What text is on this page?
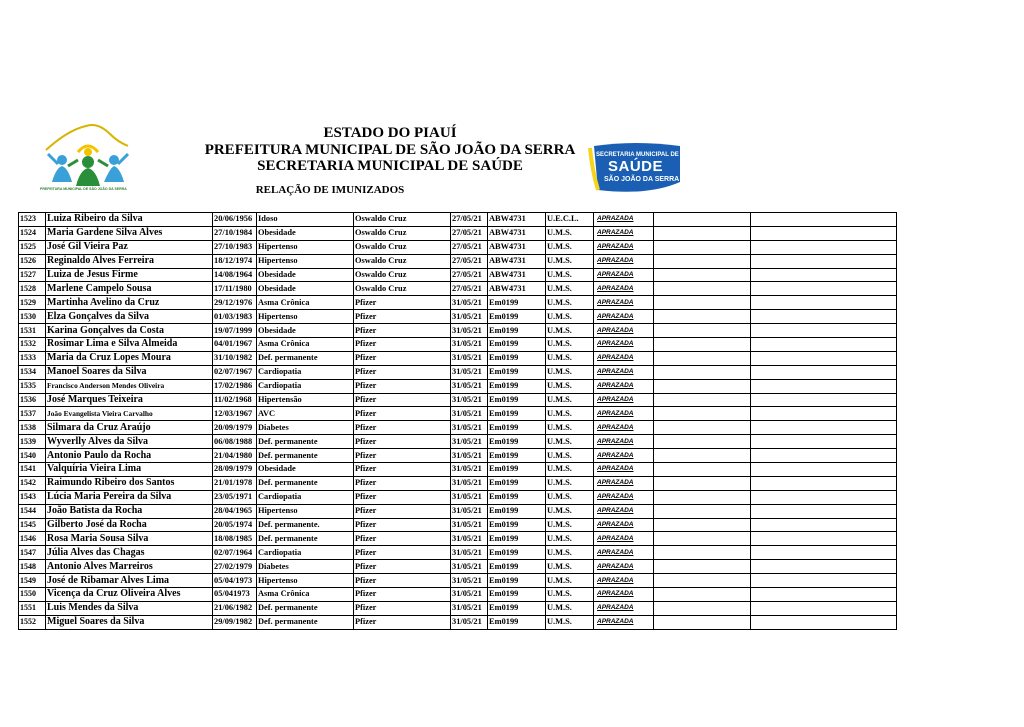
PREFEITURA MUNICIPAL DE SÃO JOÃO DA SERRA
ESTADO DO PIAUÍ
PREFEITURA MUNICIPAL DE SÃO JOÃO DA SERRA
SECRETARIA MUNICIPAL DE SAÚDE
RELAÇÃO DE IMUNIZADOS
SECRETARIA MUNICIPAL DE
SAÚDE
SÃO JOÃO DA SERRA
1523	Luiza Ribeiro da Silva	20/06/1956	Idoso	Oswaldo Cruz	27/05/21	ABW4731	U.E.C.L.	APRAZADA		
1524	Maria Gardene Silva Alves	27/10/1984	Obesidade	Oswaldo Cruz	27/05/21	ABW4731	U.M.S.	APRAZADA		
1525	José Gil Vieira Paz	27/10/1983	Hipertenso	Oswaldo Cruz	27/05/21	ABW4731	U.M.S.	APRAZADA		
1526	Reginaldo Alves Ferreira	18/12/1974	Hipertenso	Oswaldo Cruz	27/05/21	ABW4731	U.M.S.	APRAZADA		
1527	Luiza de Jesus Firme	14/08/1964	Obesidade	Oswaldo Cruz	27/05/21	ABW4731	U.M.S.	APRAZADA		
1528	Marlene Campelo Sousa	17/11/1980	Obesidade	Oswaldo Cruz	27/05/21	ABW4731	U.M.S.	APRAZADA		
1529	Martinha Avelino da Cruz	29/12/1976	Asma Crônica	Pfizer	31/05/21	Em0199	U.M.S.	APRAZADA		
1530	Elza Gonçalves da Silva	01/03/1983	Hipertenso	Pfizer	31/05/21	Em0199	U.M.S.	APRAZADA		
1531	Karina Gonçalves da Costa	19/07/1999	Obesidade	Pfizer	31/05/21	Em0199	U.M.S.	APRAZADA		
1532	Rosimar Lima e Silva Almeida	04/01/1967	Asma Crônica	Pfizer	31/05/21	Em0199	U.M.S.	APRAZADA		
1533	Maria da Cruz Lopes Moura	31/10/1982	Def. permanente	Pfizer	31/05/21	Em0199	U.M.S.	APRAZADA		
1534	Manoel Soares da Silva	02/07/1967	Cardiopatia	Pfizer	31/05/21	Em0199	U.M.S.	APRAZADA		
1535	Francisco Anderson Mendes Oliveira	17/02/1986	Cardiopatia	Pfizer	31/05/21	Em0199	U.M.S.	APRAZADA		
1536	José Marques Teixeira	11/02/1968	Hipertensão	Pfizer	31/05/21	Em0199	U.M.S.	APRAZADA		
1537	João Evangelista Vieira Carvalho	12/03/1967	AVC	Pfizer	31/05/21	Em0199	U.M.S.	APRAZADA		
1538	Silmara da Cruz Araújo	20/09/1979	Diabetes	Pfizer	31/05/21	Em0199	U.M.S.	APRAZADA		
1539	Wyverlly Alves da Silva	06/08/1988	Def. permanente	Pfizer	31/05/21	Em0199	U.M.S.	APRAZADA		
1540	Antonio Paulo da Rocha	21/04/1980	Def. permanente	Pfizer	31/05/21	Em0199	U.M.S.	APRAZADA		
1541	Valquíria Vieira Lima	28/09/1979	Obesidade	Pfizer	31/05/21	Em0199	U.M.S.	APRAZADA		
1542	Raimundo Ribeiro dos Santos	21/01/1978	Def. permanente	Pfizer	31/05/21	Em0199	U.M.S.	APRAZADA		
1543	Lúcia Maria Pereira da Silva	23/05/1971	Cardiopatia	Pfizer	31/05/21	Em0199	U.M.S.	APRAZADA		
1544	João Batista da Rocha	28/04/1965	Hipertenso	Pfizer	31/05/21	Em0199	U.M.S.	APRAZADA		
1545	Gilberto José da Rocha	20/05/1974	Def. permanente.	Pfizer	31/05/21	Em0199	U.M.S.	APRAZADA		
1546	Rosa Maria Sousa Silva	18/08/1985	Def. permanente	Pfizer	31/05/21	Em0199	U.M.S.	APRAZADA		
1547	Júlia Alves das Chagas	02/07/1964	Cardiopatia	Pfizer	31/05/21	Em0199	U.M.S.	APRAZADA		
1548	Antonio Alves Marreiros	27/02/1979	Diabetes	Pfizer	31/05/21	Em0199	U.M.S.	APRAZADA		
1549	José de Ribamar Alves Lima	05/04/1973	Hipertenso	Pfizer	31/05/21	Em0199	U.M.S.	APRAZADA		
1550	Vicença da Cruz Oliveira Alves	05/041973	Asma Crônica	Pfizer	31/05/21	Em0199	U.M.S.	APRAZADA		
1551	Luis Mendes da Silva	21/06/1982	Def. permanente	Pfizer	31/05/21	Em0199	U.M.S.	APRAZADA		
1552	Miguel Soares da Silva	29/09/1982	Def. permanente	Pfizer	31/05/21	Em0199	U.M.S.	APRAZADA		
